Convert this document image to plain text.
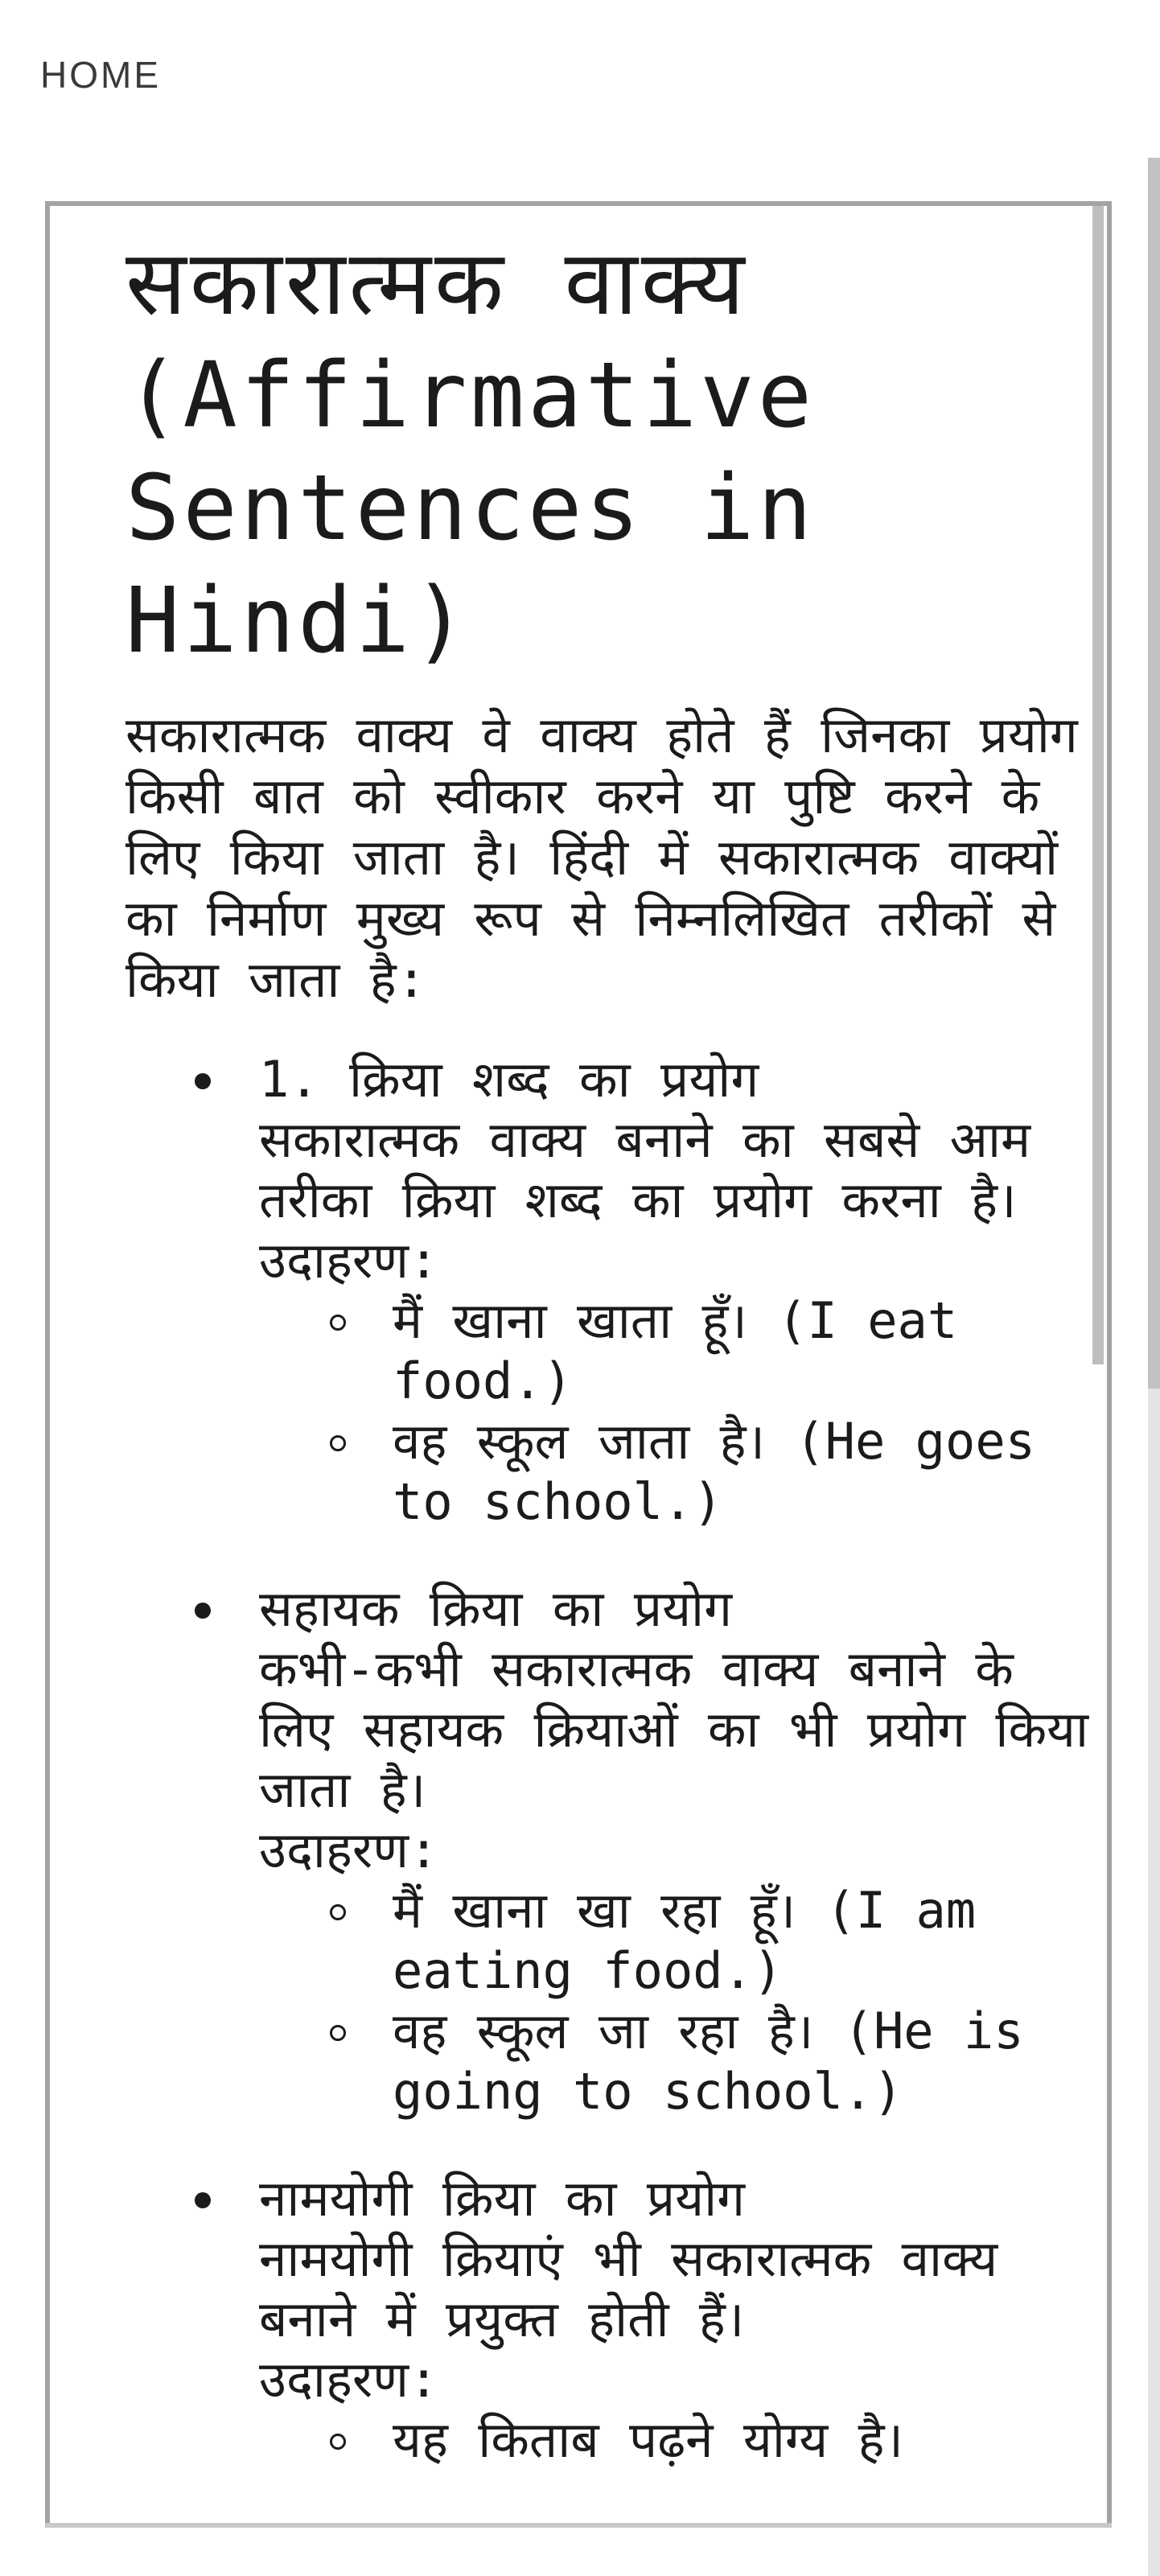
HOME
सकारात्मक वाक्य (Affirmative Sentences in Hindi)

सकारात्मक वाक्य वे वाक्य होते हैं जिनका प्रयोग किसी बात को स्वीकार करने या पुष्टि करने के लिए किया जाता है। हिंदी में सकारात्मक वाक्यों का निर्माण मुख्य रूप से निम्नलिखित तरीकों से किया जाता है:

1. क्रिया शब्द का प्रयोग
सकारात्मक वाक्य बनाने का सबसे आम तरीका क्रिया शब्द का प्रयोग करना है।
उदाहरण:
मैं खाना खाता हूँ। (I eat food.)
वह स्कूल जाता है। (He goes to school.)
सहायक क्रिया का प्रयोग
कभी-कभी सकारात्मक वाक्य बनाने के लिए सहायक क्रियाओं का भी प्रयोग किया जाता है।
उदाहरण:
मैं खाना खा रहा हूँ। (I am eating food.)
वह स्कूल जा रहा है। (He is going to school.)
नामयोगी क्रिया का प्रयोग
नामयोगी क्रियाएं भी सकारात्मक वाक्य बनाने में प्रयुक्त होती हैं।
उदाहरण:
यह किताब पढ़ने योग्य है।
